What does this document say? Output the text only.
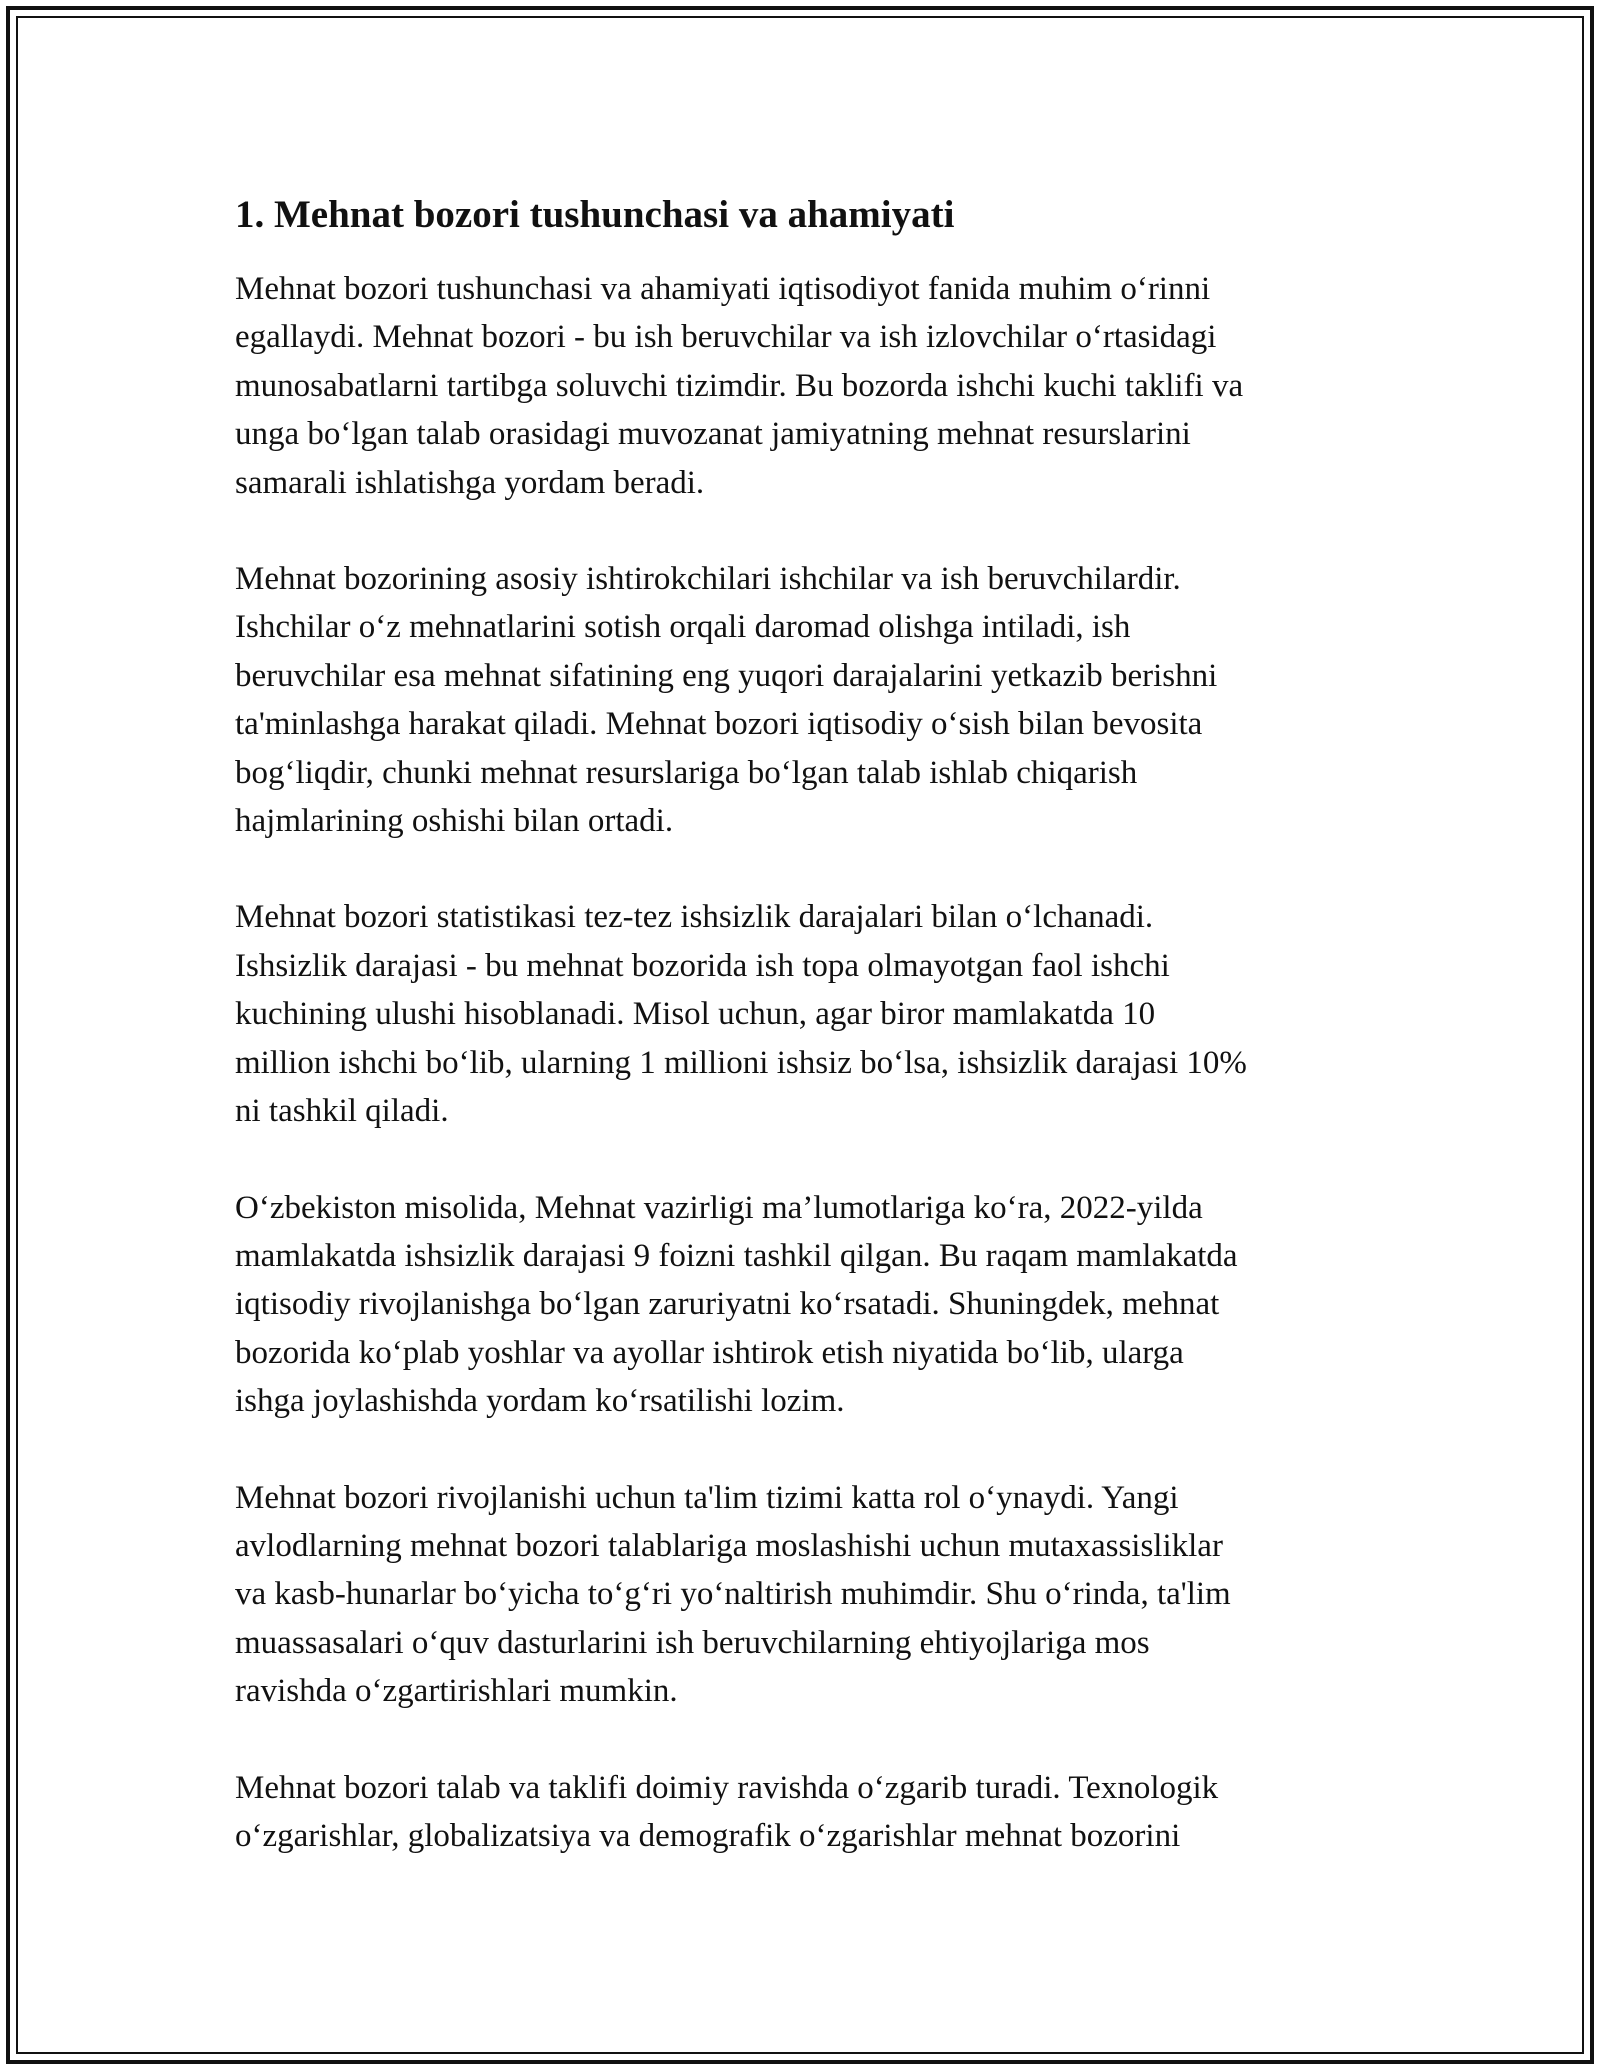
1. Mehnat bozori tushunchasi va ahamiyati
Mehnat bozori tushunchasi va ahamiyati iqtisodiyot fanida muhim oʻrinni
egallaydi. Mehnat bozori - bu ish beruvchilar va ish izlovchilar oʻrtasidagi
munosabatlarni tartibga soluvchi tizimdir. Bu bozorda ishchi kuchi taklifi va
unga boʻlgan talab orasidagi muvozanat jamiyatning mehnat resurslarini
samarali ishlatishga yordam beradi.
Mehnat bozorining asosiy ishtirokchilari ishchilar va ish beruvchilardir.
Ishchilar oʻz mehnatlarini sotish orqali daromad olishga intiladi, ish
beruvchilar esa mehnat sifatining eng yuqori darajalarini yetkazib berishni
ta'minlashga harakat qiladi. Mehnat bozori iqtisodiy oʻsish bilan bevosita
bogʻliqdir, chunki mehnat resurslariga boʻlgan talab ishlab chiqarish
hajmlarining oshishi bilan ortadi.
Mehnat bozori statistikasi tez-tez ishsizlik darajalari bilan oʻlchanadi.
Ishsizlik darajasi - bu mehnat bozorida ish topa olmayotgan faol ishchi
kuchining ulushi hisoblanadi. Misol uchun, agar biror mamlakatda 10
million ishchi boʻlib, ularning 1 millioni ishsiz boʻlsa, ishsizlik darajasi 10%
ni tashkil qiladi.
Oʻzbekiston misolida, Mehnat vazirligi ma’lumotlariga koʻra, 2022-yilda
mamlakatda ishsizlik darajasi 9 foizni tashkil qilgan. Bu raqam mamlakatda
iqtisodiy rivojlanishga boʻlgan zaruriyatni koʻrsatadi. Shuningdek, mehnat
bozorida koʻplab yoshlar va ayollar ishtirok etish niyatida boʻlib, ularga
ishga joylashishda yordam koʻrsatilishi lozim.
Mehnat bozori rivojlanishi uchun ta'lim tizimi katta rol oʻynaydi. Yangi
avlodlarning mehnat bozori talablariga moslashishi uchun mutaxassisliklar
va kasb-hunarlar boʻyicha toʻgʻri yoʻnaltirish muhimdir. Shu oʻrinda, ta'lim
muassasalari oʻquv dasturlarini ish beruvchilarning ehtiyojlariga mos
ravishda oʻzgartirishlari mumkin.
Mehnat bozori talab va taklifi doimiy ravishda oʻzgarib turadi. Texnologik
oʻzgarishlar, globalizatsiya va demografik oʻzgarishlar mehnat bozorini
